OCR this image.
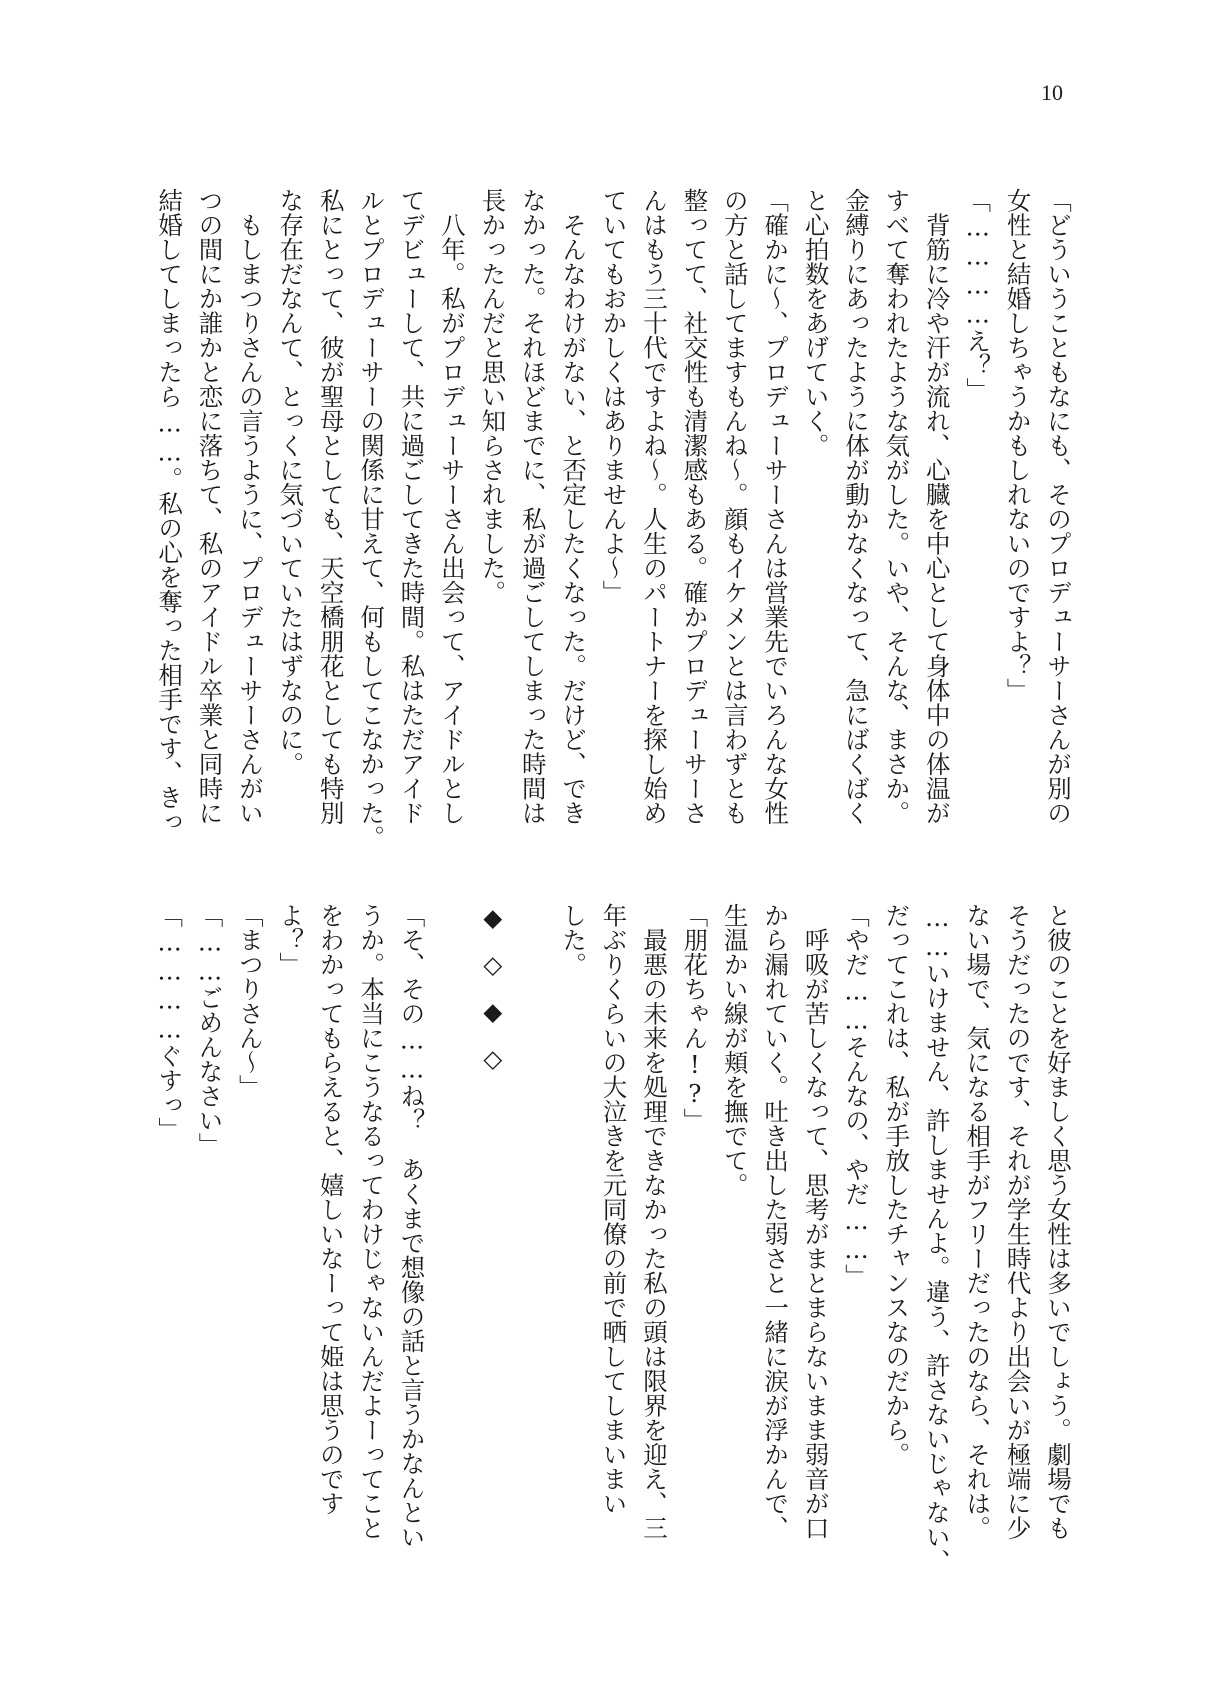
10
「どういうこともなにも、そのプロデューサーさんが別の
女性と結婚しちゃうかもしれないのですよ？」
「…………え？」
　背筋に冷や汗が流れ、心臓を中心として身体中の体温が
すべて奪われたような気がした。いや、そんな、まさか。
金縛りにあったように体が動かなくなって、急にばくばく
と心拍数をあげていく。
「確かに～、プロデューサーさんは営業先でいろんな女性
の方と話してますもんね～。顔もイケメンとは言わずとも
整ってて、社交性も清潔感もある。確かプロデューサーさ
んはもう三十代ですよね～。人生のパートナーを探し始め
ていてもおかしくはありませんよ～」
　そんなわけがない、と否定したくなった。だけど、でき
なかった。それほどまでに、私が過ごしてしまった時間は
長かったんだと思い知らされました。
　八年。私がプロデューサーさん出会って、アイドルとし
てデビューして、共に過ごしてきた時間。私はただアイド
ルとプロデューサーの関係に甘えて、何もしてこなかった。
私にとって、彼が聖母としても、天空橋朋花としても特別
な存在だなんて、とっくに気づいていたはずなのに。
　もしまつりさんの言うように、プロデューサーさんがい
つの間にか誰かと恋に落ちて、私のアイドル卒業と同時に
結婚してしまったら……。私の心を奪った相手です、きっ
と彼のことを好ましく思う女性は多いでしょう。劇場でも
そうだったのです、それが学生時代より出会いが極端に少
ない場で、気になる相手がフリーだったのなら、それは。
……いけません、許しませんよ。違う、許さないじゃない、
だってこれは、私が手放したチャンスなのだから。
「やだ……そんなの、やだ……」
　呼吸が苦しくなって、思考がまとまらないまま弱音が口
から漏れていく。吐き出した弱さと一緒に涙が浮かんで、
生温かい線が頬を撫でて。
「朋花ちゃん!?」
　最悪の未来を処理できなかった私の頭は限界を迎え、三
年ぶりくらいの大泣きを元同僚の前で晒してしまいまい
した。

◆◇◆◇

「そ、その……ね？　あくまで想像の話と言うかなんとい
うか。本当にこうなるってわけじゃないんだよーってこと
をわかってもらえると、嬉しいなーって姫は思うのです
よ？」
「まつりさん～」
「……ごめんなさい」
「…………ぐすっ」
